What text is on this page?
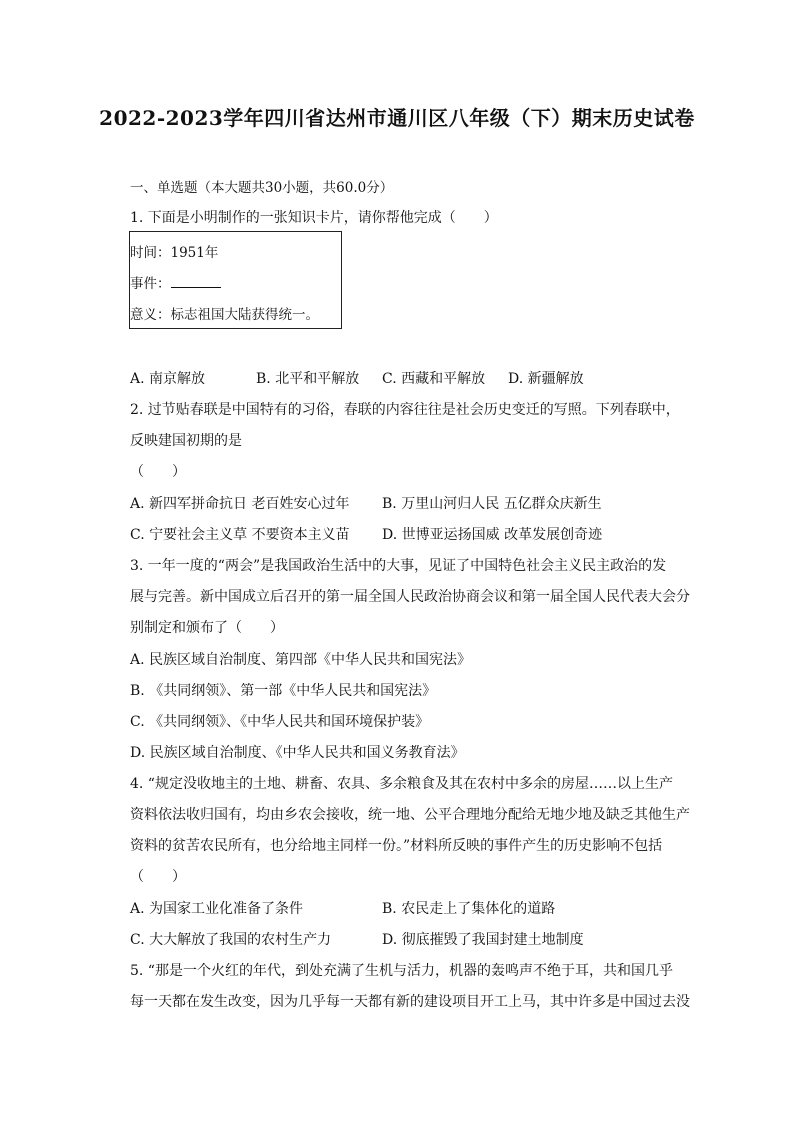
2022-2023学年四川省达州市通川区八年级（下）期末历史试卷
一、单选题（本大题共30小题，共60.0分）
1. 下面是小明制作的一张知识卡片，请你帮他完成（　　）
时间：1951年
事件：
意义：标志祖国大陆获得统一。
A. 南京解放	B. 北平和平解放 C. 西藏和平解放 D. 新疆解放
2. 过节贴春联是中国特有的习俗，春联的内容往往是社会历史变迁的写照。下列春联中，
反映建国初期的是
（　　）
A. 新四军拼命抗日 老百姓安心过年 B. 万里山河归人民 五亿群众庆新生
C. 宁要社会主义草 不要资本主义苗 D. 世博亚运扬国威 改革发展创奇迹
3. 一年一度的“两会”是我国政治生活中的大事，见证了中国特色社会主义民主政治的发
展与完善。新中国成立后召开的第一届全国人民政治协商会议和第一届全国人民代表大会分
别制定和颁布了（　　）
A. 民族区域自治制度、第四部《中华人民共和国宪法》
B. 《共同纲领》、第一部《中华人民共和国宪法》
C. 《共同纲领》、《中华人民共和国环境保护装》
D. 民族区域自治制度、《中华人民共和国义务教育法》
4. “规定没收地主的土地、耕畜、农具、多余粮食及其在农村中多余的房屋……以上生产
资料依法收归国有，均由乡农会接收，统一地、公平合理地分配给无地少地及缺乏其他生产
资料的贫苦农民所有，也分给地主同样一份。”材料所反映的事件产生的历史影响不包括
（　　）
A. 为国家工业化准备了条件	B. 农民走上了集体化的道路
C. 大大解放了我国的农村生产力	D. 彻底摧毁了我国封建土地制度
5. “那是一个火红的年代，到处充满了生机与活力，机器的轰鸣声不绝于耳，共和国几乎
每一天都在发生改变，因为几乎每一天都有新的建设项目开工上马，其中许多是中国过去没
